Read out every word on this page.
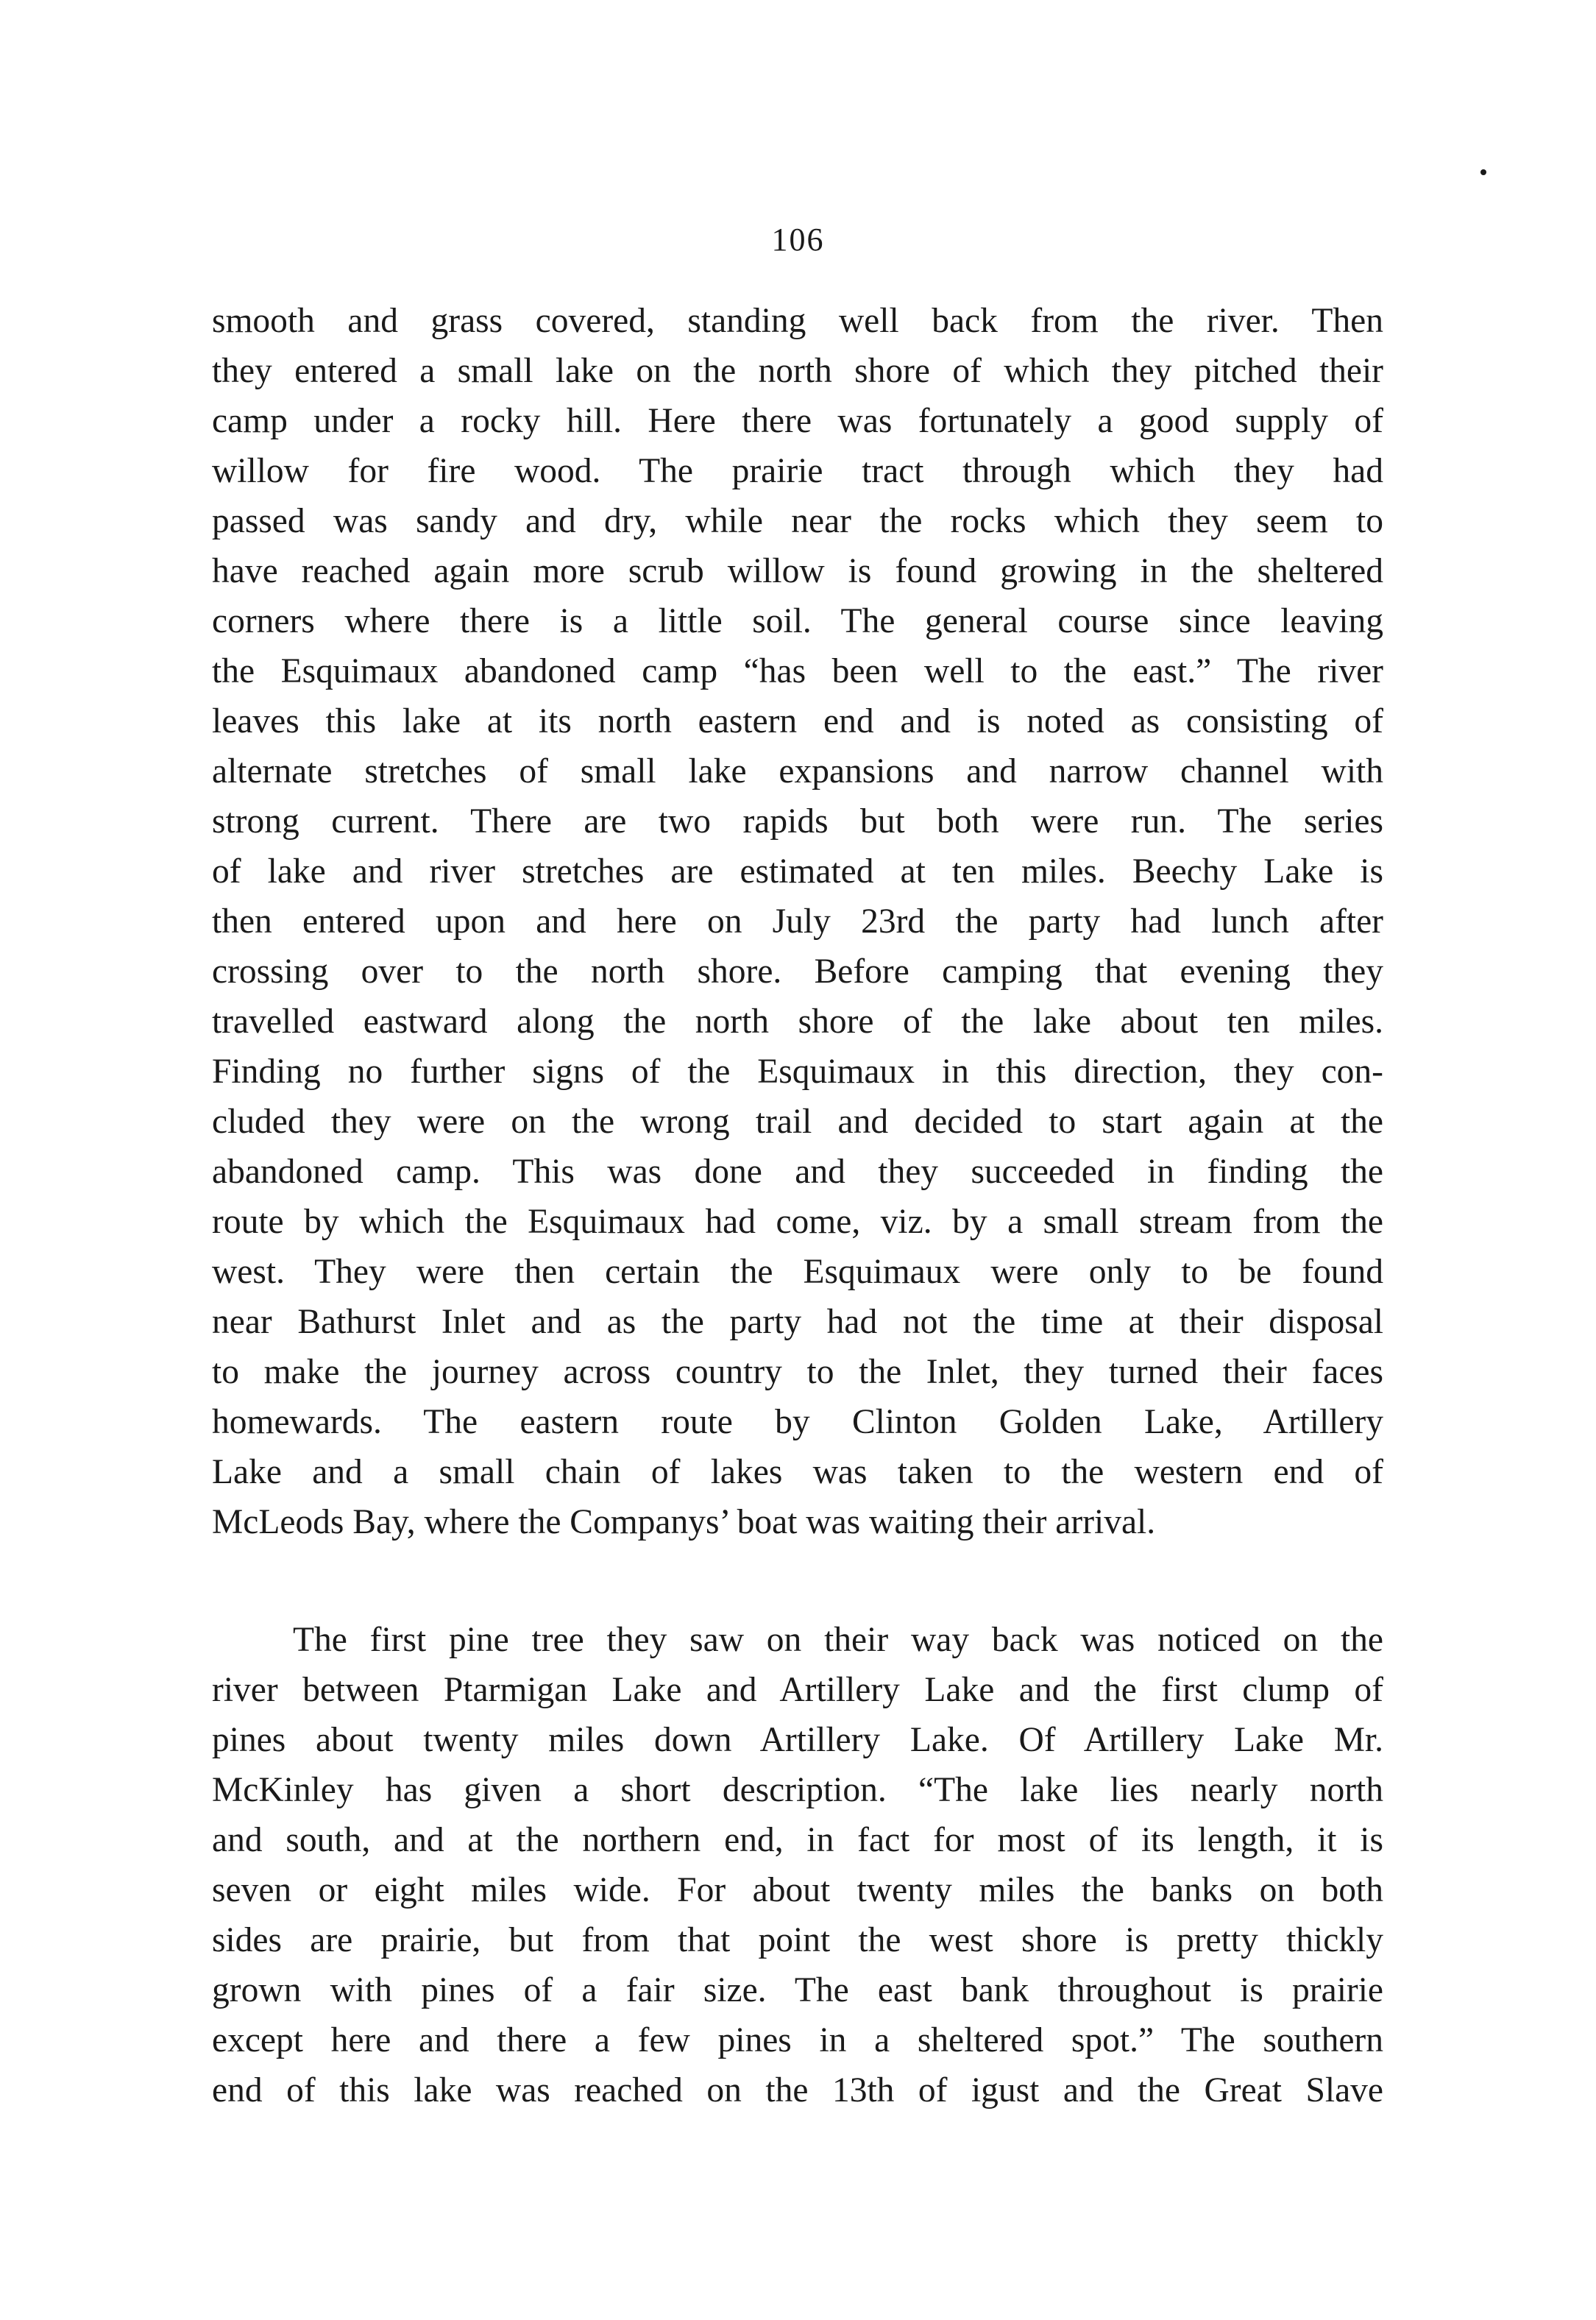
106
smooth and grass covered, standing well back from the river. Then
they entered a small lake on the north shore of which they pitched their
camp under a rocky hill. Here there was fortunately a good supply of
willow for fire wood. The prairie tract through which they had
passed was sandy and dry, while near the rocks which they seem to
have reached again more scrub willow is found growing in the sheltered
corners where there is a little soil. The general course since leaving
the Esquimaux abandoned camp “has been well to the east.” The river
leaves this lake at its north eastern end and is noted as consisting of
alternate stretches of small lake expansions and narrow channel with
strong current. There are two rapids but both were run. The series
of lake and river stretches are estimated at ten miles. Beechy Lake is
then entered upon and here on July 23rd the party had lunch after
crossing over to the north shore. Before camping that evening they
travelled eastward along the north shore of the lake about ten miles.
Finding no further signs of the Esquimaux in this direction, they con-
cluded they were on the wrong trail and decided to start again at the
abandoned camp. This was done and they succeeded in finding the
route by which the Esquimaux had come, viz. by a small stream from the
west. They were then certain the Esquimaux were only to be found
near Bathurst Inlet and as the party had not the time at their disposal
to make the journey across country to the Inlet, they turned their faces
homewards. The eastern route by Clinton Golden Lake, Artillery
Lake and a small chain of lakes was taken to the western end of
McLeods Bay, where the Companys’ boat was waiting their arrival.
The first pine tree they saw on their way back was noticed on the
river between Ptarmigan Lake and Artillery Lake and the first clump of
pines about twenty miles down Artillery Lake. Of Artillery Lake Mr.
McKinley has given a short description. “The lake lies nearly north
and south, and at the northern end, in fact for most of its length, it is
seven or eight miles wide. For about twenty miles the banks on both
sides are prairie, but from that point the west shore is pretty thickly
grown with pines of a fair size. The east bank throughout is prairie
except here and there a few pines in a sheltered spot.” The southern
end of this lake was reached on the 13th of igust and the Great Slave
